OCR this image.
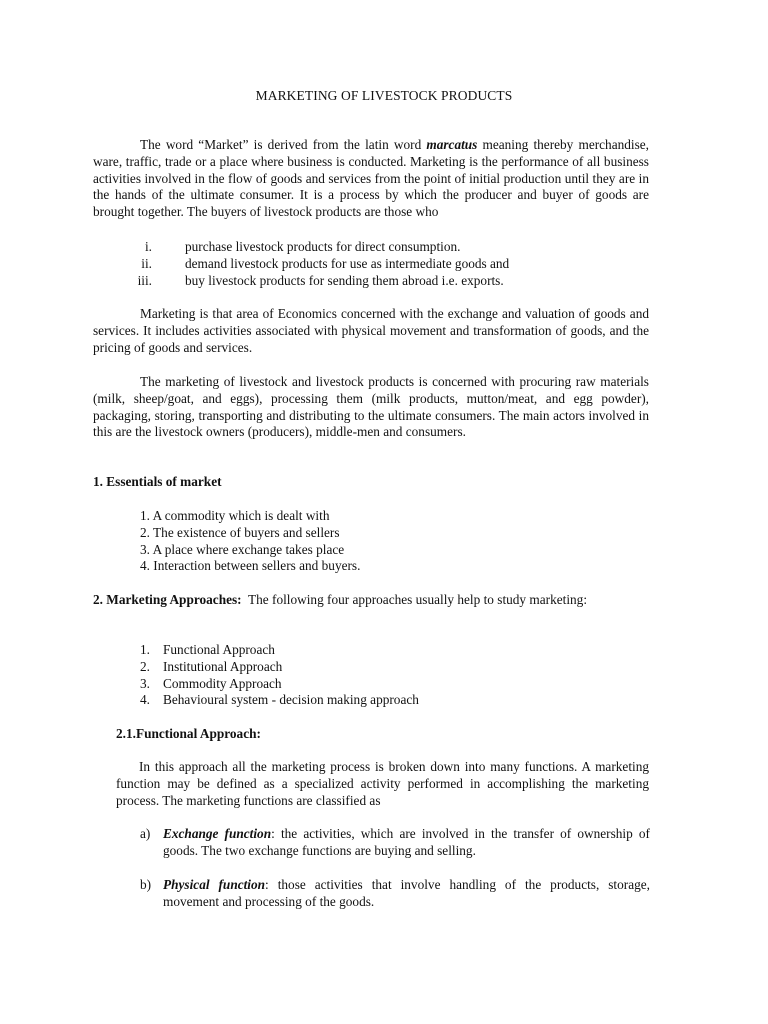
MARKETING OF LIVESTOCK PRODUCTS

The word “Market” is derived from the latin word marcatus meaning thereby merchandise, ware, traffic, trade or a place where business is conducted. Marketing is the performance of all business activities involved in the flow of goods and services from the point of initial production until they are in the hands of the ultimate consumer. It is a process by which the producer and buyer of goods are brought together. The buyers of livestock products are those who

i. purchase livestock products for direct consumption.
ii. demand livestock products for use as intermediate goods and
iii. buy livestock products for sending them abroad i.e. exports.

Marketing is that area of Economics concerned with the exchange and valuation of goods and services. It includes activities associated with physical movement and transformation of goods, and the pricing of goods and services.

The marketing of livestock and livestock products is concerned with procuring raw materials (milk, sheep/goat, and eggs), processing them (milk products, mutton/meat, and egg powder), packaging, storing, transporting and distributing to the ultimate consumers. The main actors involved in this are the livestock owners (producers), middle-men and consumers.

1. Essentials of market

1. A commodity which is dealt with
2. The existence of buyers and sellers
3. A place where exchange takes place
4. Interaction between sellers and buyers.

2. Marketing Approaches:  The following four approaches usually help to study marketing:

1. Functional Approach
2. Institutional Approach
3. Commodity Approach
4. Behavioural system - decision making approach

2.1.Functional Approach:

In this approach all the marketing process is broken down into many functions. A marketing function may be defined as a specialized activity performed in accomplishing the marketing process. The marketing functions are classified as

a) Exchange function: the activities, which are involved in the transfer of ownership of goods. The two exchange functions are buying and selling.
b) Physical function: those activities that involve handling of the products, storage, movement and processing of the goods.
